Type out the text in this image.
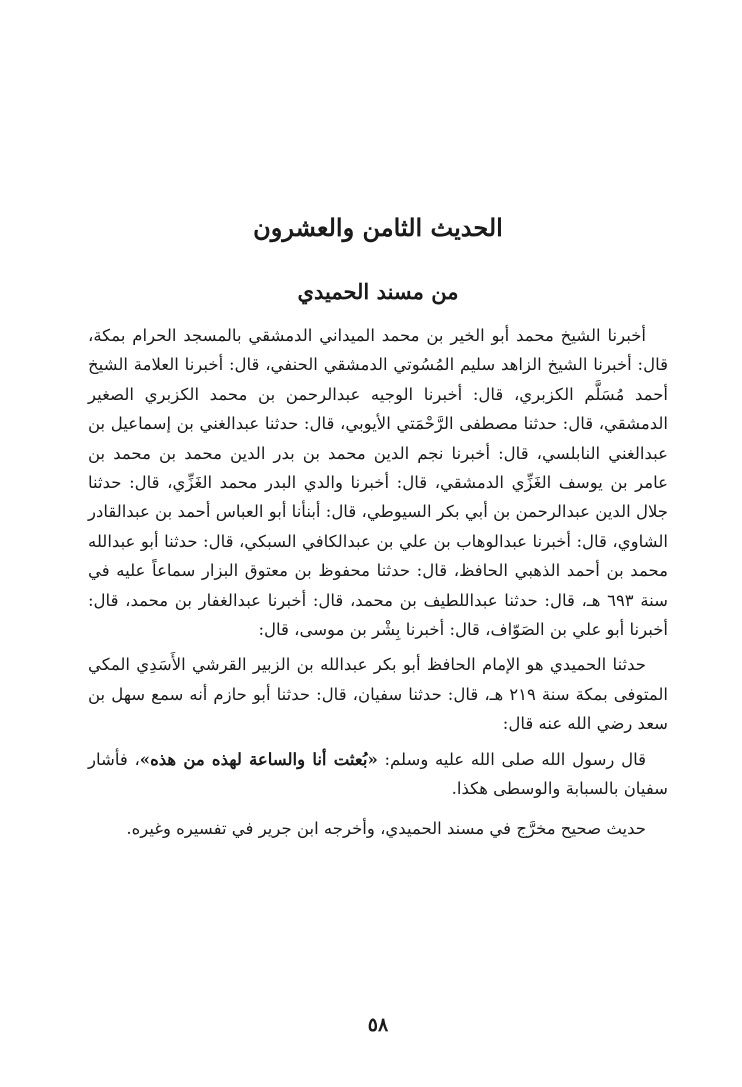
الحديث الثامن والعشرون
من مسند الحميدي

أخبرنا الشيخ محمد أبو الخير بن محمد الميداني الدمشقي بالمسجد الحرام بمكة، قال: أخبرنا الشيخ الزاهد سليم المُسُوتي الدمشقي الحنفي، قال: أخبرنا العلامة الشيخ أحمد مُسَلَّم الكزبري، قال: أخبرنا الوجيه عبدالرحمن بن محمد الكزبري الصغير الدمشقي، قال: حدثنا مصطفى الرَّحْمَتي الأيوبي، قال: حدثنا عبدالغني بن إسماعيل بن عبدالغني النابلسي، قال: أخبرنا نجم الدين محمد بن بدر الدين محمد بن محمد بن عامر بن يوسف الغَزِّي الدمشقي، قال: أخبرنا والدي البدر محمد الغَزِّي، قال: حدثنا جلال الدين عبدالرحمن بن أبي بكر السيوطي، قال: أبنأنا أبو العباس أحمد بن عبدالقادر الشاوي، قال: أخبرنا عبدالوهاب بن علي بن عبدالكافي السبكي، قال: حدثنا أبو عبدالله محمد بن أحمد الذهبي الحافظ، قال: حدثنا محفوظ بن معتوق البزار سماعاً عليه في سنة ٦٩٣ هـ، قال: حدثنا عبداللطيف بن محمد، قال: أخبرنا عبدالغفار بن محمد، قال: أخبرنا أبو علي بن الصَوّاف، قال: أخبرنا بِشْر بن موسى، قال:

حدثنا الحميدي هو الإمام الحافظ أبو بكر عبدالله بن الزبير القرشي الأَسَدِي المكي المتوفى بمكة سنة ٢١٩ هـ، قال: حدثنا سفيان، قال: حدثنا أبو حازم أنه سمع سهل بن سعد رضي الله عنه قال:

قال رسول الله صلى الله عليه وسلم: «بُعثت أنا والساعة لهذه من هذه»، فأشار سفيان بالسبابة والوسطى هكذا.

حديث صحيح مخرَّج في مسند الحميدي، وأخرجه ابن جرير في تفسيره وغيره.

٥٨
